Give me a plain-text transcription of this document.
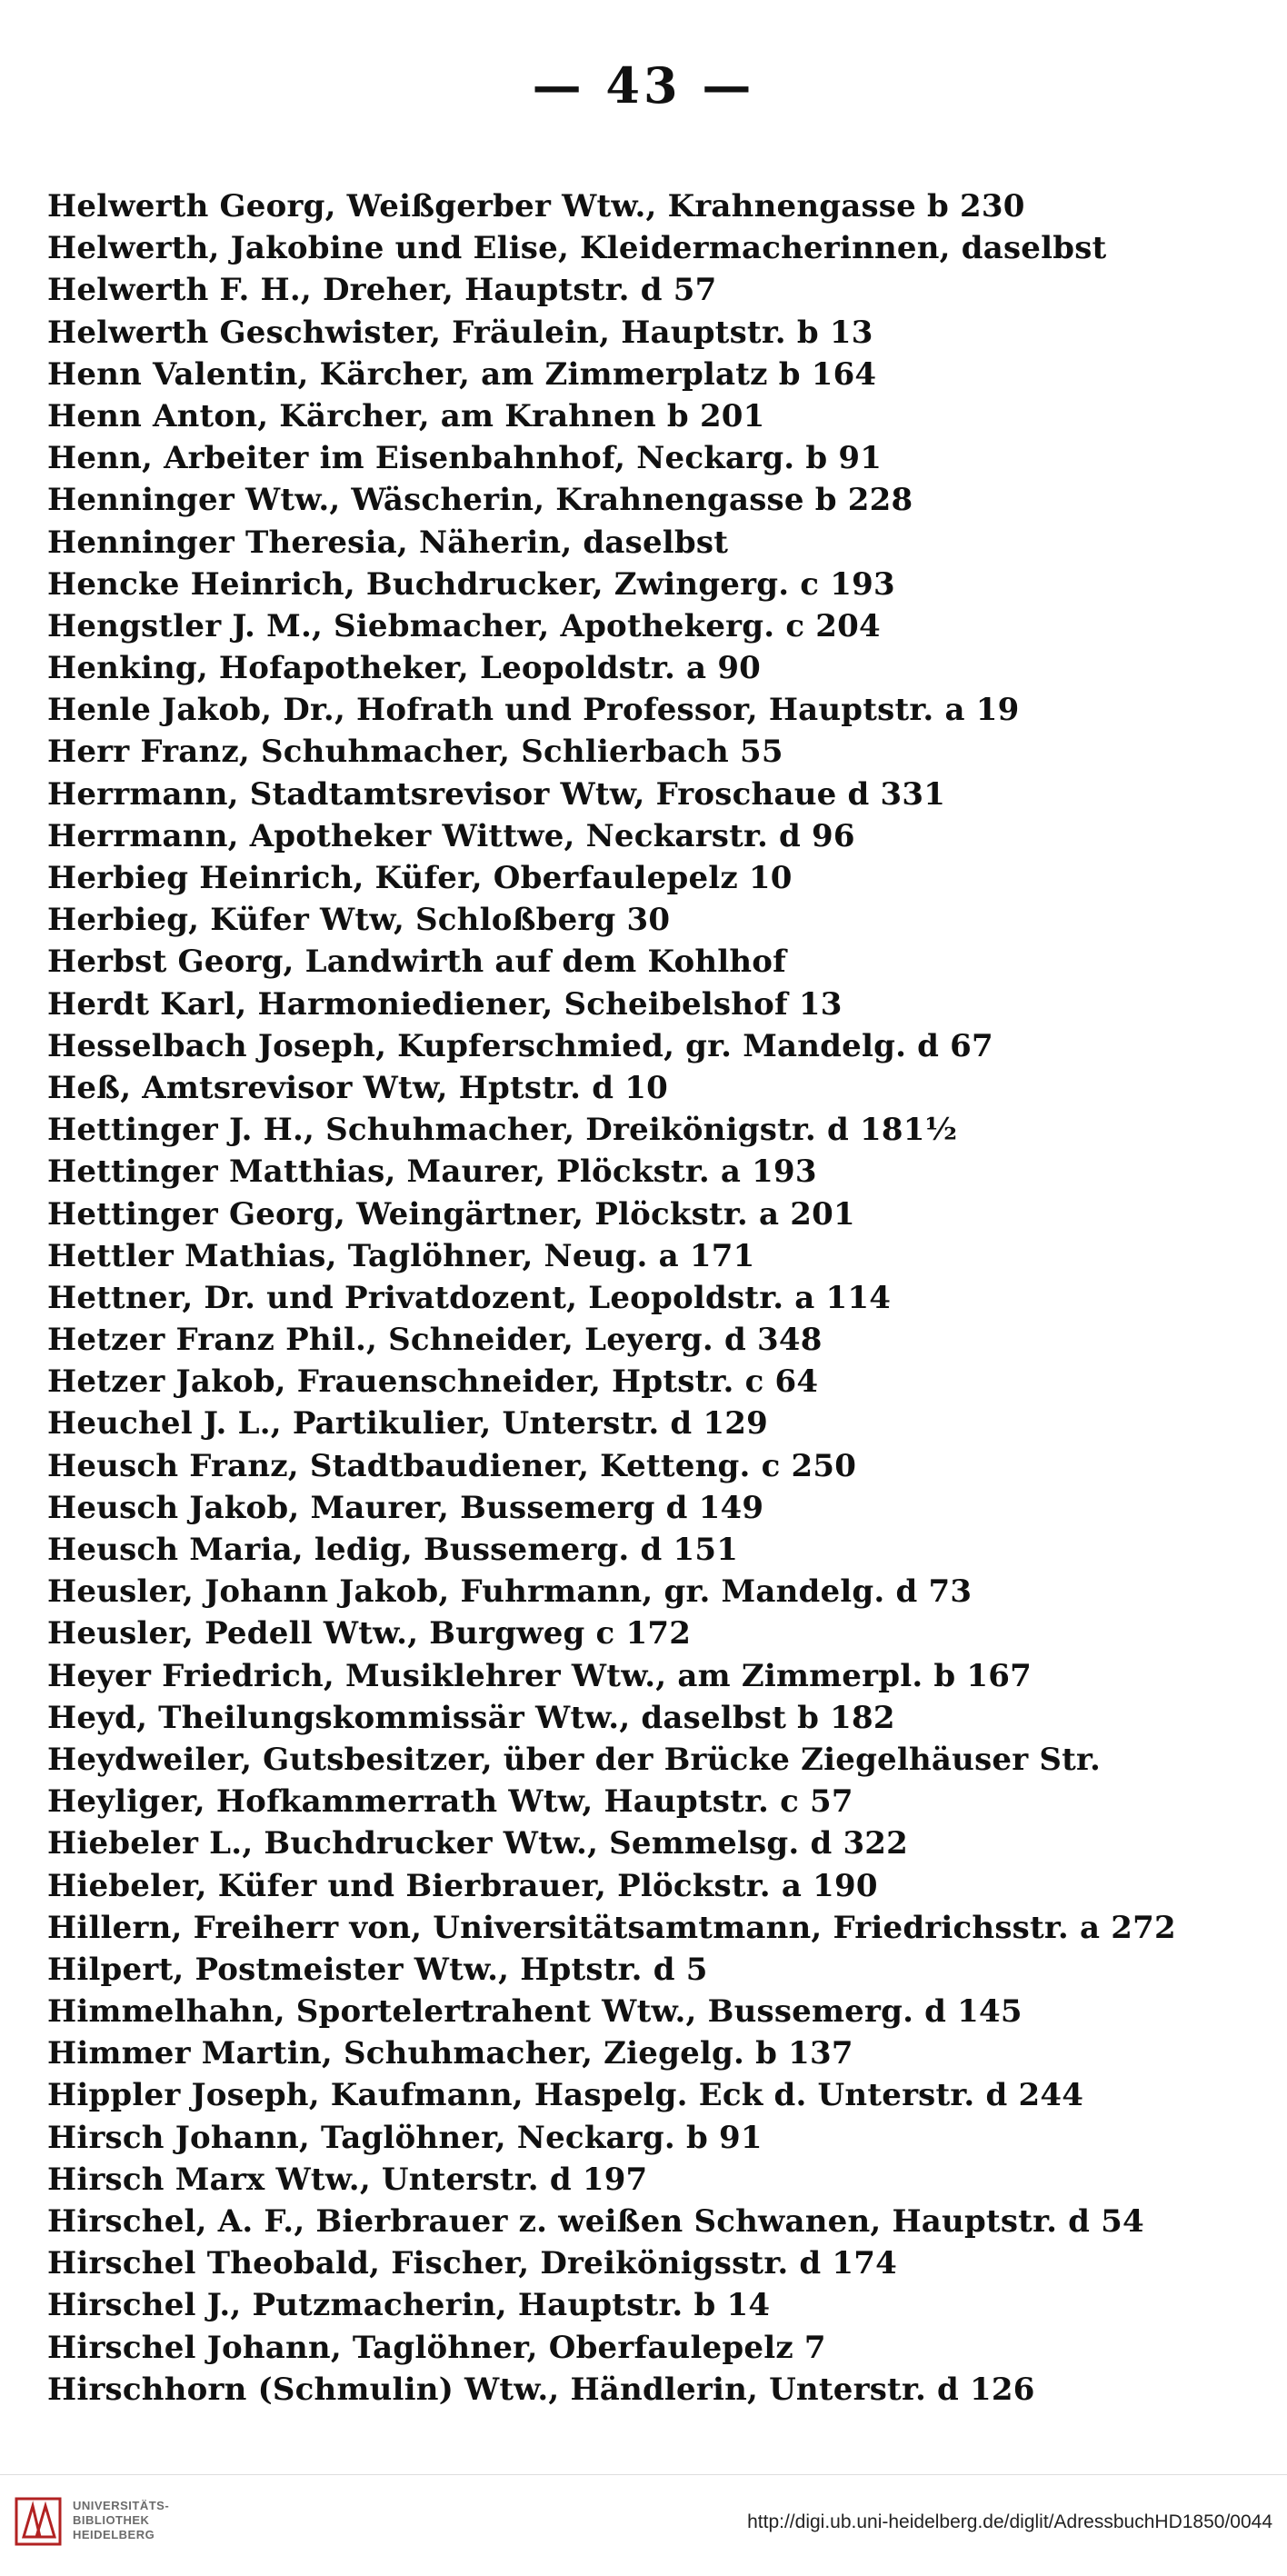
— 43 —
Helwerth Georg, Weißgerber Wtw., Krahnengasse b 230
Helwerth, Jakobine und Elise, Kleidermacherinnen, daselbst
Helwerth F. H., Dreher, Hauptstr. d 57
Helwerth Geschwister, Fräulein, Hauptstr. b 13
Henn Valentin, Kärcher, am Zimmerplatz b 164
Henn Anton, Kärcher, am Krahnen b 201
Henn, Arbeiter im Eisenbahnhof, Neckarg. b 91
Henninger Wtw., Wäscherin, Krahnengasse b 228
Henninger Theresia, Näherin, daselbst
Hencke Heinrich, Buchdrucker, Zwingerg. c 193
Hengstler J. M., Siebmacher, Apothekerg. c 204
Henking, Hofapotheker, Leopoldstr. a 90
Henle Jakob, Dr., Hofrath und Professor, Hauptstr. a 19
Herr Franz, Schuhmacher, Schlierbach 55
Herrmann, Stadtamtsrevisor Wtw, Froschaue d 331
Herrmann, Apotheker Wittwe, Neckarstr. d 96
Herbieg Heinrich, Küfer, Oberfaulepelz 10
Herbieg, Küfer Wtw, Schloßberg 30
Herbst Georg, Landwirth auf dem Kohlhof
Herdt Karl, Harmoniediener, Scheibelshof 13
Hesselbach Joseph, Kupferschmied, gr. Mandelg. d 67
Heß, Amtsrevisor Wtw, Hptstr. d 10
Hettinger J. H., Schuhmacher, Dreikönigstr. d 181½
Hettinger Matthias, Maurer, Plöckstr. a 193
Hettinger Georg, Weingärtner, Plöckstr. a 201
Hettler Mathias, Taglöhner, Neug. a 171
Hettner, Dr. und Privatdozent, Leopoldstr. a 114
Hetzer Franz Phil., Schneider, Leyerg. d 348
Hetzer Jakob, Frauenschneider, Hptstr. c 64
Heuchel J. L., Partikulier, Unterstr. d 129
Heusch Franz, Stadtbaudiener, Ketteng. c 250
Heusch Jakob, Maurer, Bussemerg d 149
Heusch Maria, ledig, Bussemerg. d 151
Heusler, Johann Jakob, Fuhrmann, gr. Mandelg. d 73
Heusler, Pedell Wtw., Burgweg c 172
Heyer Friedrich, Musiklehrer Wtw., am Zimmerpl. b 167
Heyd, Theilungskommissär Wtw., daselbst b 182
Heydweiler, Gutsbesitzer, über der Brücke Ziegelhäuser Str.
Heyliger, Hofkammerrath Wtw, Hauptstr. c 57
Hiebeler L., Buchdrucker Wtw., Semmelsg. d 322
Hiebeler, Küfer und Bierbrauer, Plöckstr. a 190
Hillern, Freiherr von, Universitätsamtmann, Friedrichsstr. a 272
Hilpert, Postmeister Wtw., Hptstr. d 5
Himmelhahn, Sportelertrahent Wtw., Bussemerg. d 145
Himmer Martin, Schuhmacher, Ziegelg. b 137
Hippler Joseph, Kaufmann, Haspelg. Eck d. Unterstr. d 244
Hirsch Johann, Taglöhner, Neckarg. b 91
Hirsch Marx Wtw., Unterstr. d 197
Hirschel, A. F., Bierbrauer z. weißen Schwanen, Hauptstr. d 54
Hirschel Theobald, Fischer, Dreikönigsstr. d 174
Hirschel J., Putzmacherin, Hauptstr. b 14
Hirschel Johann, Taglöhner, Oberfaulepelz 7
Hirschhorn (Schmulin) Wtw., Händlerin, Unterstr. d 126
UNIVERSITÄTS-
BIBLIOTHEK
HEIDELBERG
http://digi.ub.uni-heidelberg.de/diglit/AdressbuchHD1850/0044
